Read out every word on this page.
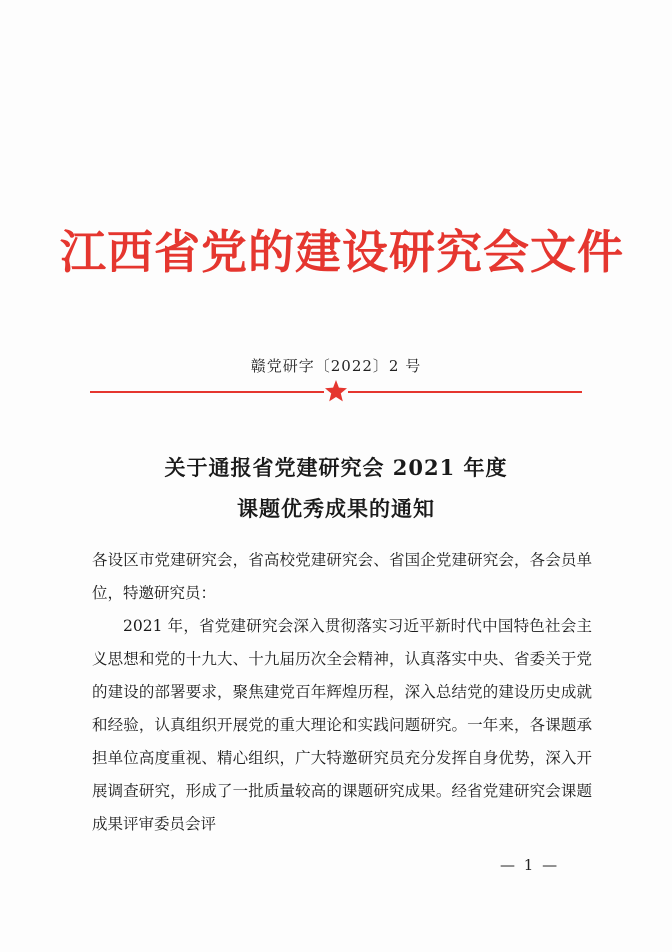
江西省党的建设研究会文件
赣党研字〔2022〕2 号
关于通报省党建研究会 2021 年度
课题优秀成果的通知
各设区市党建研究会，省高校党建研究会、省国企党建研究会，各会员单位，特邀研究员：
2021 年，省党建研究会深入贯彻落实习近平新时代中国特色社会主义思想和党的十九大、十九届历次全会精神，认真落实中央、省委关于党的建设的部署要求，聚焦建党百年辉煌历程，深入总结党的建设历史成就和经验，认真组织开展党的重大理论和实践问题研究。一年来，各课题承担单位高度重视、精心组织，广大特邀研究员充分发挥自身优势，深入开展调查研究，形成了一批质量较高的课题研究成果。经省党建研究会课题成果评审委员会评
— 1 —
